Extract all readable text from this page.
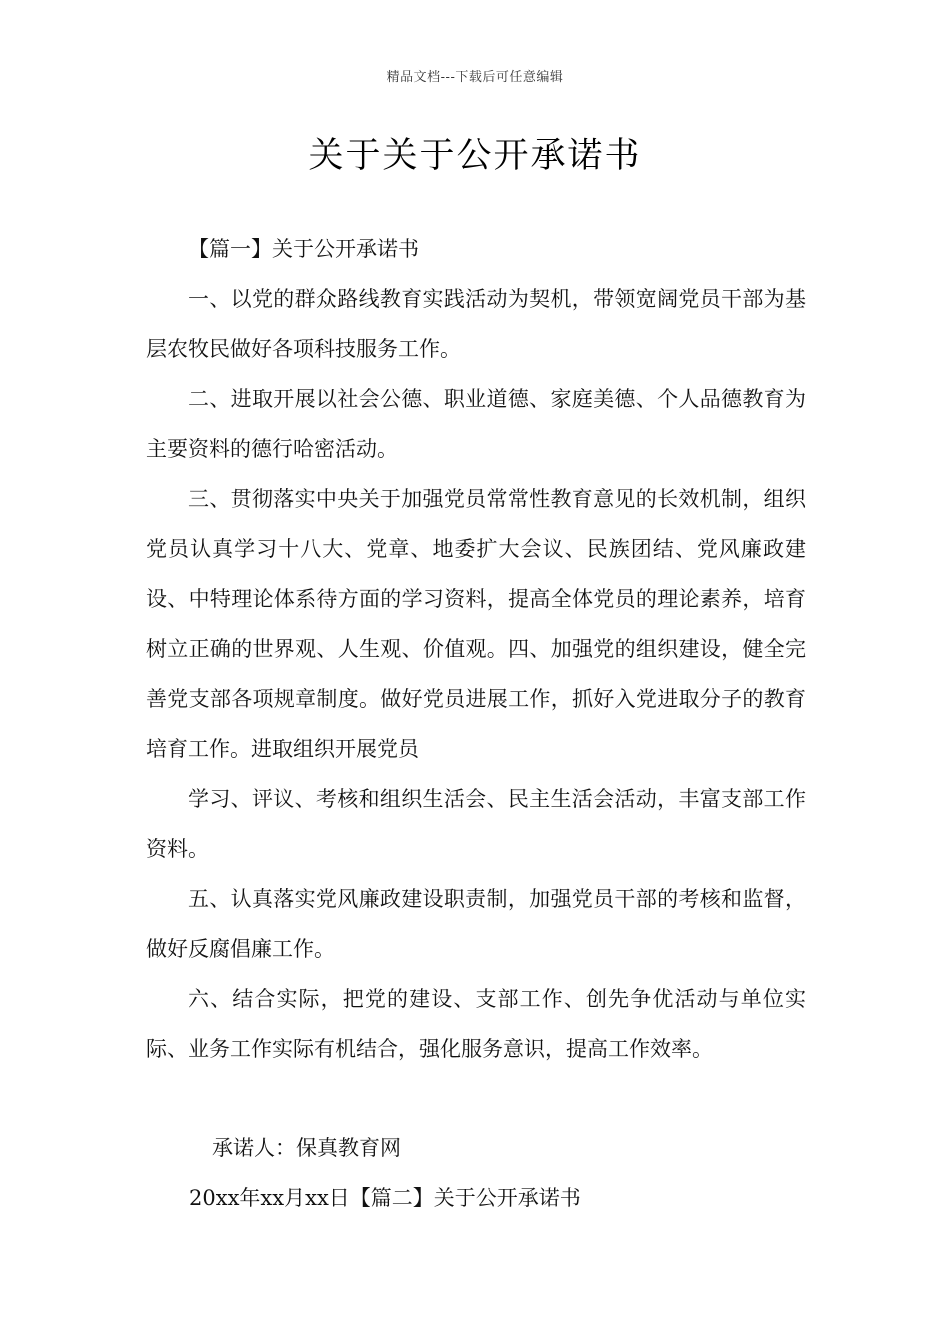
精品文档---下载后可任意编辑
关于关于公开承诺书

【篇一】关于公开承诺书

一、以党的群众路线教育实践活动为契机，带领宽阔党员干部为基层农牧民做好各项科技服务工作。

二、进取开展以社会公德、职业道德、家庭美德、个人品德教育为主要资料的德行哈密活动。

三、贯彻落实中央关于加强党员常常性教育意见的长效机制，组织党员认真学习十八大、党章、地委扩大会议、民族团结、党风廉政建设、中特理论体系待方面的学习资料，提高全体党员的理论素养，培育树立正确的世界观、人生观、价值观。四、加强党的组织建设，健全完善党支部各项规章制度。做好党员进展工作，抓好入党进取分子的教育培育工作。进取组织开展党员

学习、评议、考核和组织生活会、民主生活会活动，丰富支部工作资料。

五、认真落实党风廉政建设职责制，加强党员干部的考核和监督，做好反腐倡廉工作。

六、结合实际，把党的建设、支部工作、创先争优活动与单位实际、业务工作实际有机结合，强化服务意识，提高工作效率。

承诺人：保真教育网
20xx年xx月xx日【篇二】关于公开承诺书
